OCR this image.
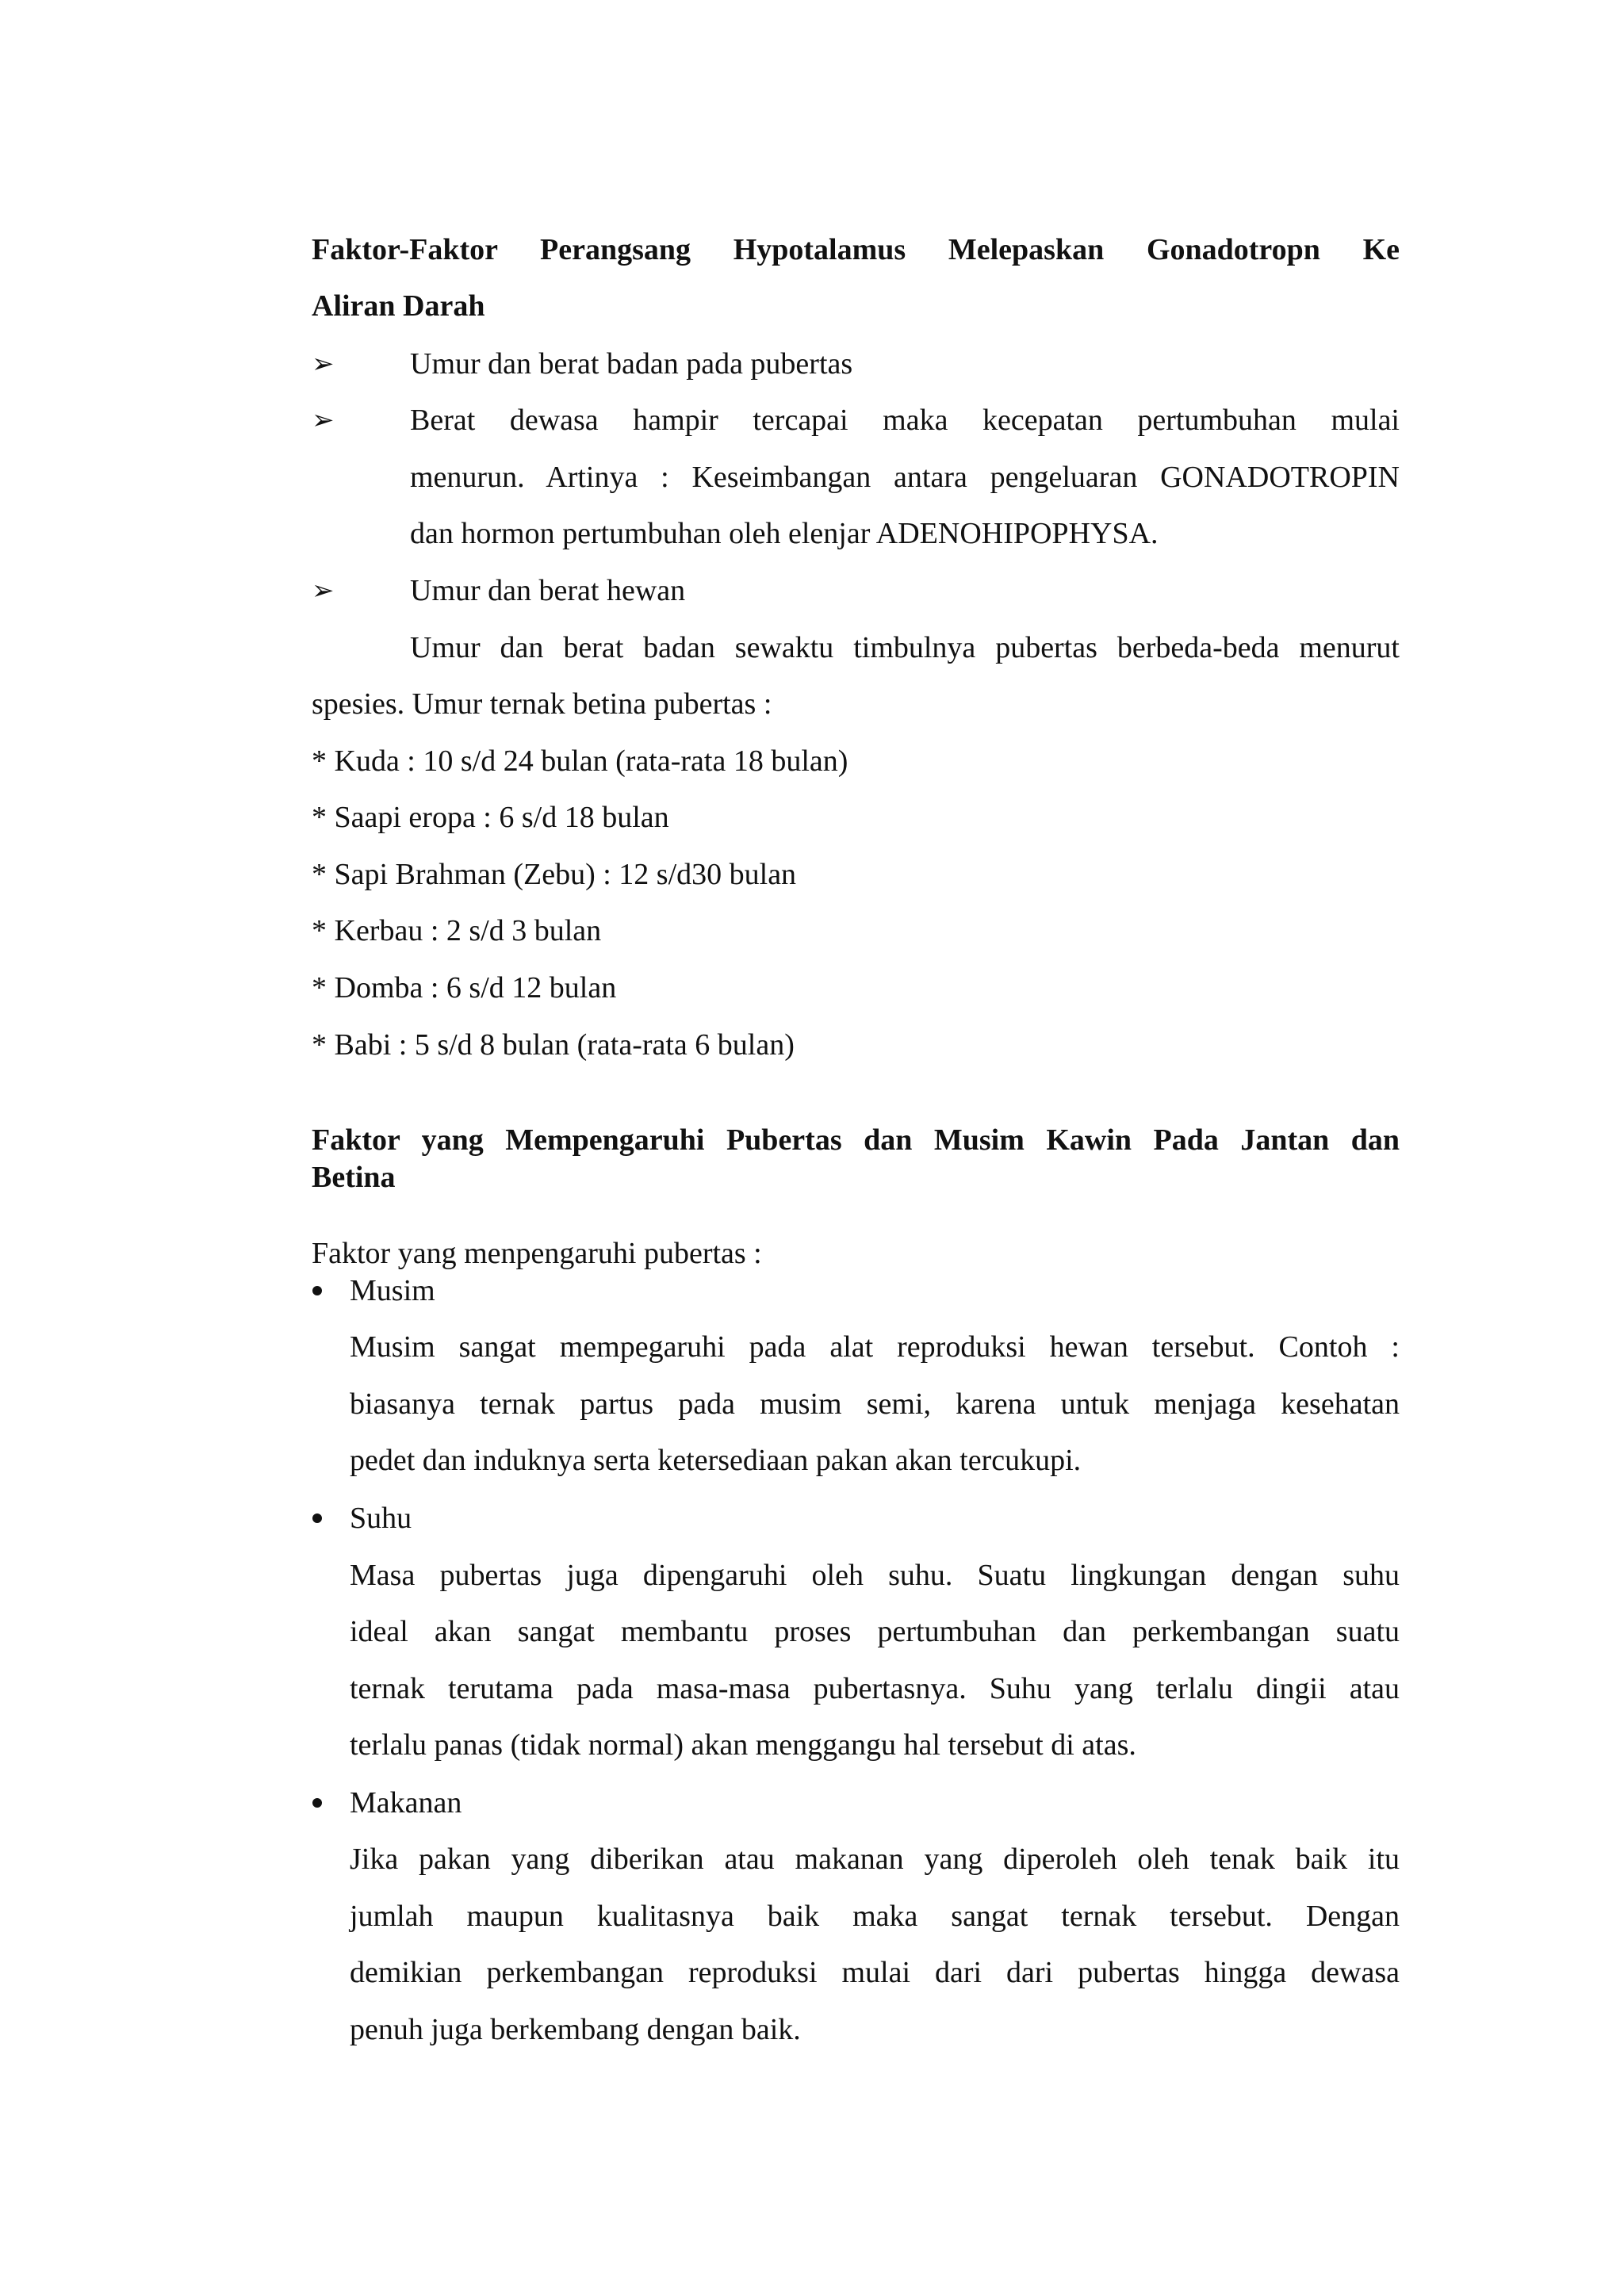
Faktor-Faktor Perangsang Hypotalamus Melepaskan Gonadotropn Ke
Aliran Darah
➢	Umur dan berat badan pada pubertas
➢	Berat dewasa hampir tercapai maka kecepatan pertumbuhan mulai
menurun. Artinya : Keseimbangan antara pengeluaran GONADOTROPIN
dan hormon pertumbuhan oleh elenjar ADENOHIPOPHYSA.
➢	Umur dan berat hewan
Umur dan berat badan sewaktu timbulnya pubertas berbeda-beda menurut
spesies. Umur ternak betina pubertas :
* Kuda : 10 s/d 24 bulan (rata-rata 18 bulan)
* Saapi eropa : 6 s/d 18 bulan
* Sapi Brahman (Zebu) : 12 s/d30 bulan
* Kerbau : 2 s/d 3 bulan
* Domba : 6 s/d 12 bulan
* Babi : 5 s/d 8 bulan (rata-rata 6 bulan)
Faktor yang Mempengaruhi Pubertas dan Musim Kawin Pada Jantan dan
Betina
Faktor yang menpengaruhi pubertas :
Musim
Musim sangat mempegaruhi pada alat reproduksi hewan tersebut. Contoh :
biasanya ternak partus pada musim semi, karena untuk menjaga kesehatan
pedet dan induknya serta ketersediaan pakan akan tercukupi.
Suhu
Masa pubertas juga dipengaruhi oleh suhu. Suatu lingkungan dengan suhu
ideal akan sangat membantu proses pertumbuhan dan perkembangan suatu
ternak terutama pada masa-masa pubertasnya. Suhu yang terlalu dingii atau
terlalu panas (tidak normal) akan menggangu hal tersebut di atas.
Makanan
Jika pakan yang diberikan atau makanan yang diperoleh oleh tenak baik itu
jumlah maupun kualitasnya baik maka sangat ternak tersebut. Dengan
demikian perkembangan reproduksi mulai dari dari pubertas hingga dewasa
penuh juga berkembang dengan baik.
